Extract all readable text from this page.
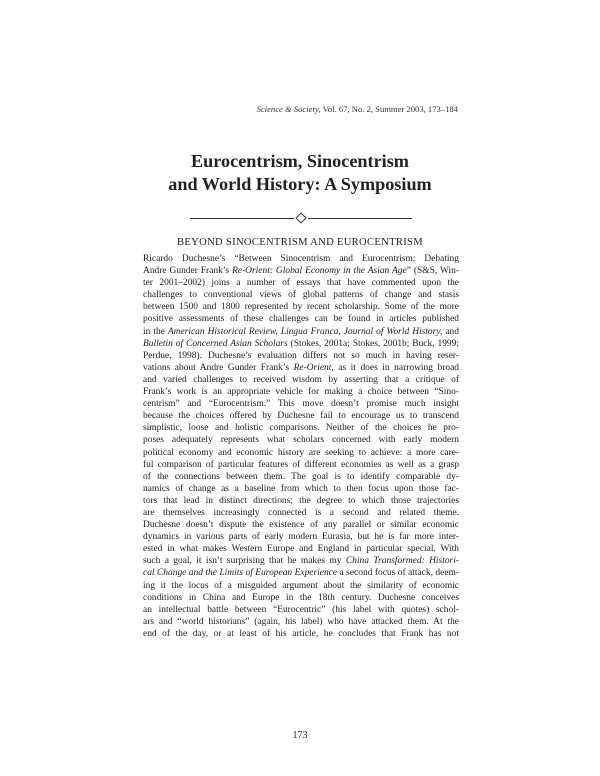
Science & Society, Vol. 67, No. 2, Summer 2003, 173–184
Eurocentrism, Sinocentrism
and World History: A Symposium
BEYOND SINOCENTRISM AND EUROCENTRISM
Ricardo Duchesne’s “Between Sinocentrism and Eurocentrism: Debating
Andre Gunder Frank’s Re-Orient: Global Economy in the Asian Age” (S&S, Win-
ter 2001–2002) joins a number of essays that have commented upon the
challenges to conventional views of global patterns of change and stasis
between 1500 and 1800 represented by recent scholarship. Some of the more
positive assessments of these challenges can be found in articles published
in the American Historical Review, Lingua Franca, Journal of World History, and
Bulletin of Concerned Asian Scholars (Stokes, 2001a; Stokes, 2001b; Buck, 1999;
Perdue, 1998). Duchesne’s evaluation differs not so much in having reser-
vations about Andre Gunder Frank’s Re-Orient, as it does in narrowing broad
and varied challenges to received wisdom by asserting that a critique of
Frank’s work is an appropriate vehicle for making a choice between “Sino-
centrism” and “Eurocentrism.” This move doesn’t promise much insight
because the choices offered by Duchesne fail to encourage us to transcend
simplistic, loose and holistic comparisons. Neither of the choices he pro-
poses adequately represents what scholars concerned with early modern
political economy and economic history are seeking to achieve: a more care-
ful comparison of particular features of different economies as well as a grasp
of the connections between them. The goal is to identify comparable dy-
namics of change as a baseline from which to then focus upon those fac-
tors that lead in distinct directions; the degree to which those trajectories
are themselves increasingly connected is a second and related theme.
Duchesne doesn’t dispute the existence of any parallel or similar economic
dynamics in various parts of early modern Eurasia, but he is far more inter-
ested in what makes Western Europe and England in particular special. With
such a goal, it isn’t surprising that he makes my China Transformed: Histori-
cal Change and the Limits of European Experience a second focus of attack, deem-
ing it the locus of a misguided argument about the similarity of economic
conditions in China and Europe in the 18th century. Duchesne conceives
an intellectual battle between “Eurocentric” (his label with quotes) schol-
ars and “world historians” (again, his label) who have attacked them. At the
end of the day, or at least of his article, he concludes that Frank has not
173
